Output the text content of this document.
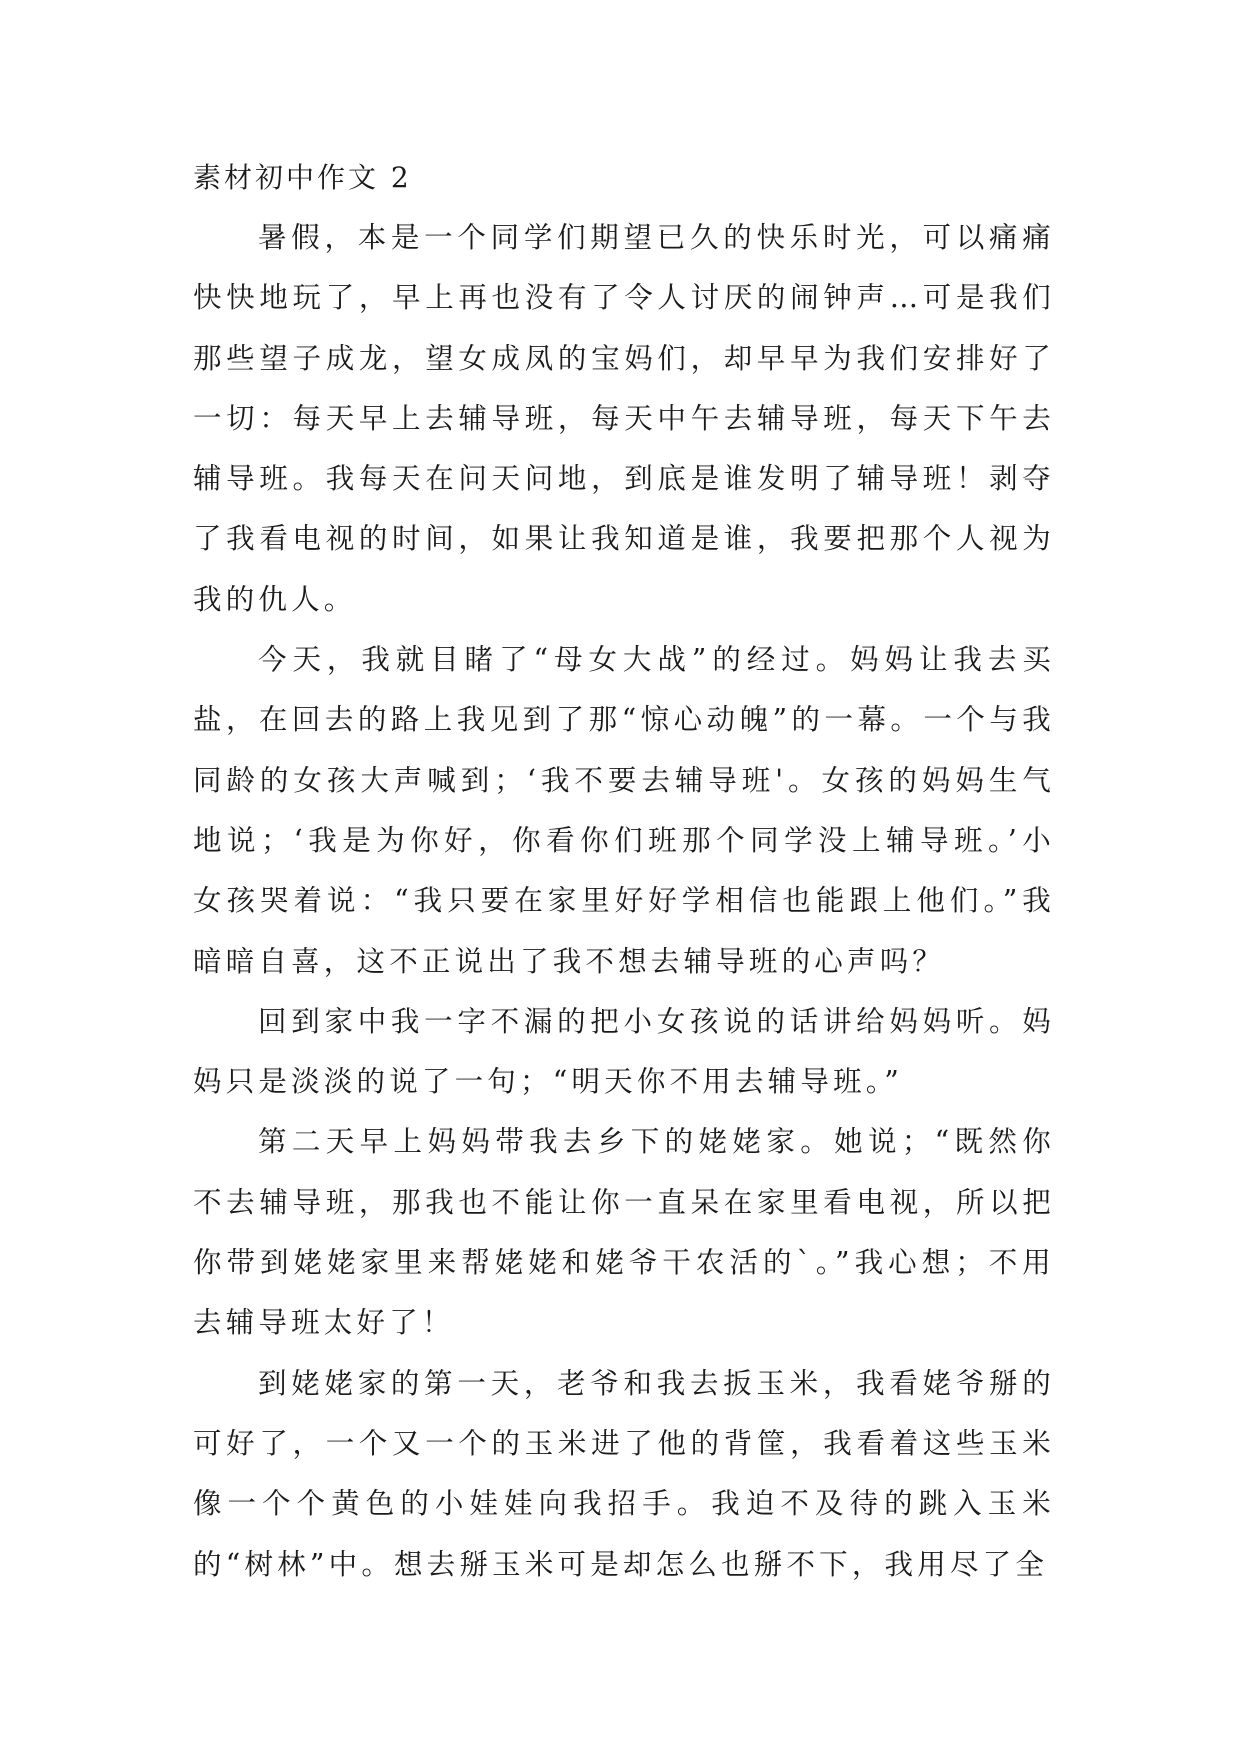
素材初中作文 2

暑假，本是一个同学们期望已久的快乐时光，可以痛痛快快地玩了，早上再也没有了令人讨厌的闹钟声…可是我们那些望子成龙，望女成凤的宝妈们，却早早为我们安排好了一切：每天早上去辅导班，每天中午去辅导班，每天下午去辅导班。我每天在问天问地，到底是谁发明了辅导班！剥夺了我看电视的时间，如果让我知道是谁，我要把那个人视为我的仇人。

今天，我就目睹了“母女大战”的经过。妈妈让我去买盐，在回去的路上我见到了那“惊心动魄”的一幕。一个与我同龄的女孩大声喊到；‘我不要去辅导班'。女孩的妈妈生气地说；‘我是为你好，你看你们班那个同学没上辅导班。’小女孩哭着说：“我只要在家里好好学相信也能跟上他们。”我暗暗自喜，这不正说出了我不想去辅导班的心声吗？

回到家中我一字不漏的把小女孩说的话讲给妈妈听。妈妈只是淡淡的说了一句；“明天你不用去辅导班。”

第二天早上妈妈带我去乡下的姥姥家。她说；“既然你不去辅导班，那我也不能让你一直呆在家里看电视，所以把你带到姥姥家里来帮姥姥和姥爷干农活的`。”我心想；不用去辅导班太好了！

到姥姥家的第一天，老爷和我去扳玉米，我看姥爷掰的可好了，一个又一个的玉米进了他的背筐，我看着这些玉米像一个个黄色的小娃娃向我招手。我迫不及待的跳入玉米的“树林”中。想去掰玉米可是却怎么也掰不下，我用尽了全
